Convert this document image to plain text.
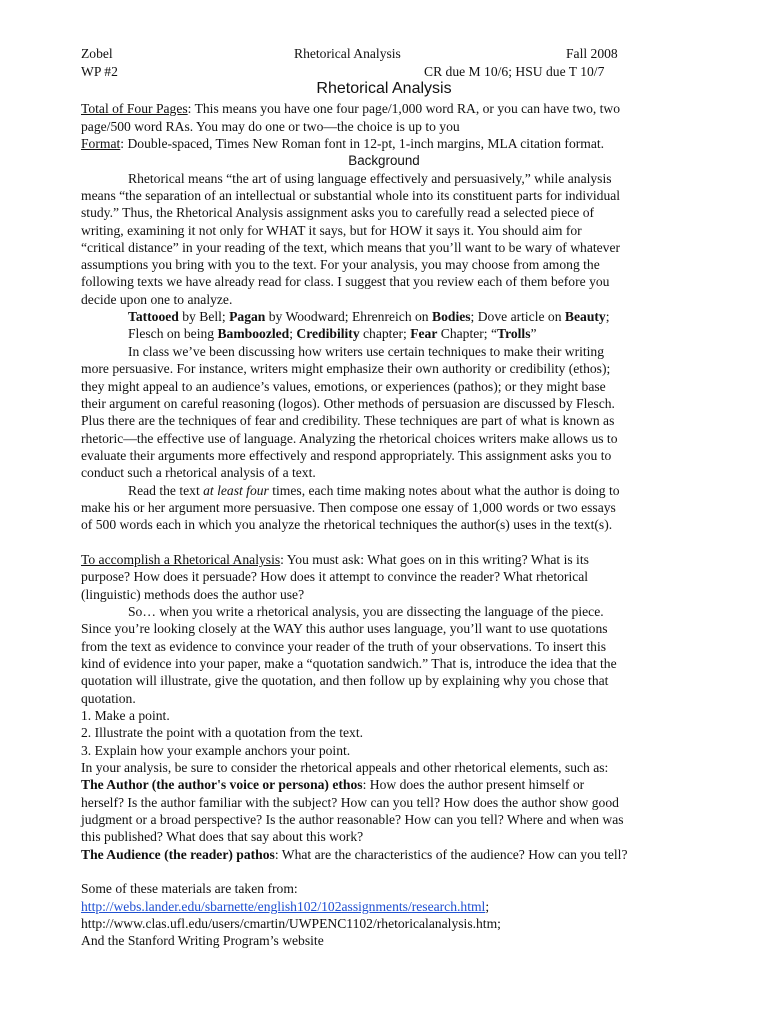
Zobel	Rhetorical Analysis	Fall 2008
WP #2	CR due M 10/6; HSU due T 10/7
Rhetorical Analysis
Total of Four Pages: This means you have one four page/1,000 word RA, or you can have two, two
page/500 word RAs. You may do one or two—the choice is up to you
Format: Double-spaced, Times New Roman font in 12-pt, 1-inch margins, MLA citation format.
Background
Rhetorical means “the art of using language effectively and persuasively,” while analysis
means “the separation of an intellectual or substantial whole into its constituent parts for individual
study.” Thus, the Rhetorical Analysis assignment asks you to carefully read a selected piece of
writing, examining it not only for WHAT it says, but for HOW it says it. You should aim for
“critical distance” in your reading of the text, which means that you’ll want to be wary of whatever
assumptions you bring with you to the text. For your analysis, you may choose from among the
following texts we have already read for class. I suggest that you review each of them before you
decide upon one to analyze.
Tattooed by Bell; Pagan by Woodward; Ehrenreich on Bodies; Dove article on Beauty;
Flesch on being Bamboozled; Credibility chapter; Fear Chapter; “Trolls”
In class we’ve been discussing how writers use certain techniques to make their writing
more persuasive. For instance, writers might emphasize their own authority or credibility (ethos);
they might appeal to an audience’s values, emotions, or experiences (pathos); or they might base
their argument on careful reasoning (logos). Other methods of persuasion are discussed by Flesch.
Plus there are the techniques of fear and credibility. These techniques are part of what is known as
rhetoric—the effective use of language. Analyzing the rhetorical choices writers make allows us to
evaluate their arguments more effectively and respond appropriately. This assignment asks you to
conduct such a rhetorical analysis of a text.
Read the text at least four times, each time making notes about what the author is doing to
make his or her argument more persuasive. Then compose one essay of 1,000 words or two essays
of 500 words each in which you analyze the rhetorical techniques the author(s) uses in the text(s).
To accomplish a Rhetorical Analysis: You must ask: What goes on in this writing? What is its
purpose? How does it persuade? How does it attempt to convince the reader? What rhetorical
(linguistic) methods does the author use?
So… when you write a rhetorical analysis, you are dissecting the language of the piece.
Since you’re looking closely at the WAY this author uses language, you’ll want to use quotations
from the text as evidence to convince your reader of the truth of your observations. To insert this
kind of evidence into your paper, make a “quotation sandwich.” That is, introduce the idea that the
quotation will illustrate, give the quotation, and then follow up by explaining why you chose that
quotation.
1. Make a point.
2. Illustrate the point with a quotation from the text.
3. Explain how your example anchors your point.
In your analysis, be sure to consider the rhetorical appeals and other rhetorical elements, such as:
The Author (the author's voice or persona) ethos: How does the author present himself or
herself? Is the author familiar with the subject? How can you tell? How does the author show good
judgment or a broad perspective? Is the author reasonable? How can you tell? Where and when was
this published? What does that say about this work?
The Audience (the reader) pathos: What are the characteristics of the audience? How can you tell?
Some of these materials are taken from:
http://webs.lander.edu/sbarnette/english102/102assignments/research.html;
http://www.clas.ufl.edu/users/cmartin/UWPENC1102/rhetoricalanalysis.htm;
And the Stanford Writing Program’s website
